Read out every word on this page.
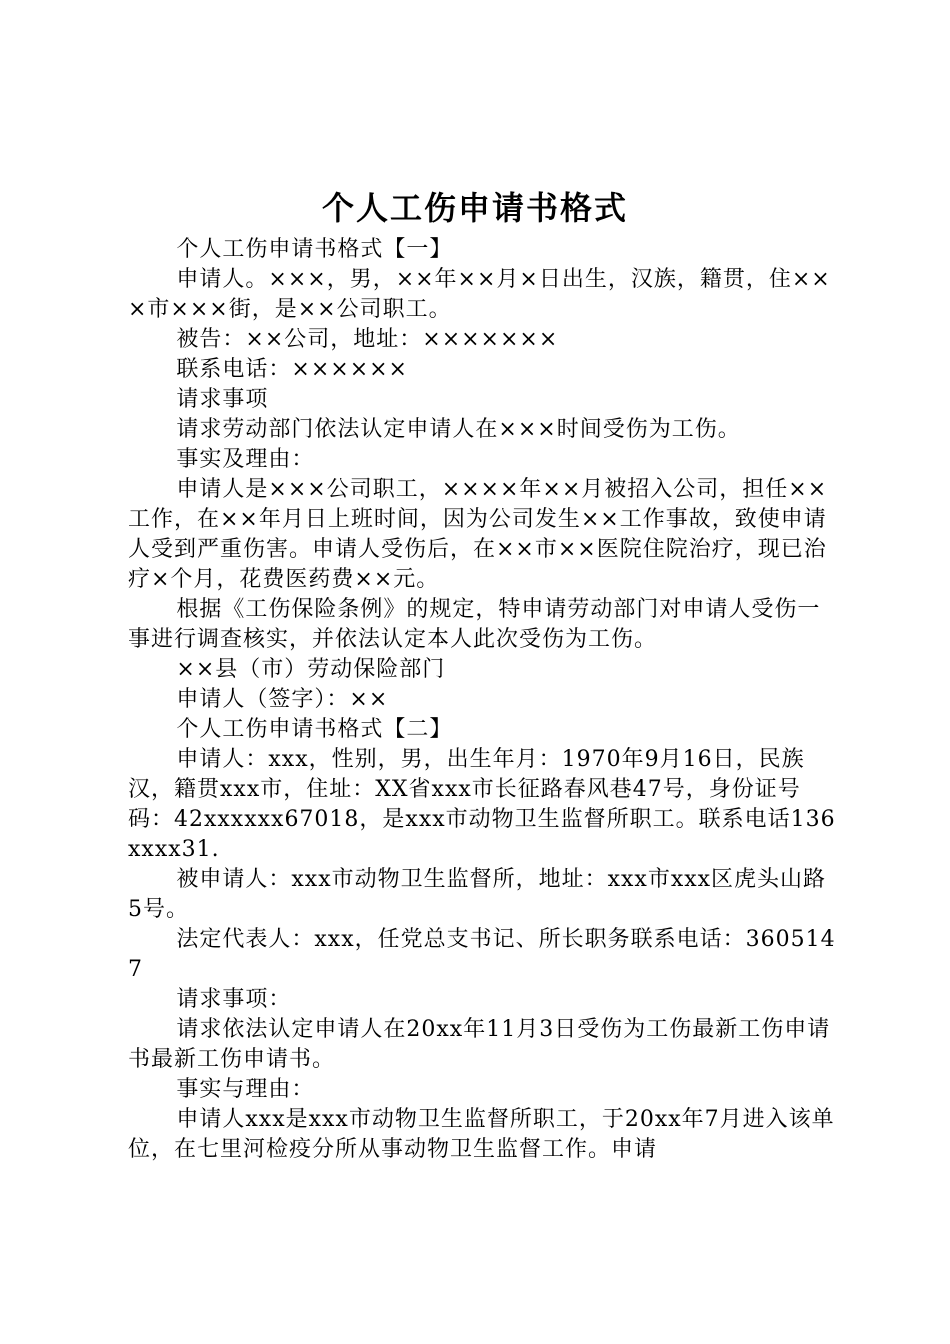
个人工伤申请书格式

个人工伤申请书格式【一】

申请人。×××，男，××年××月×日出生，汉族，籍贯，住×××市×××街，是××公司职工。

被告：××公司，地址：×××××××

联系电话：××××××

请求事项

请求劳动部门依法认定申请人在×××时间受伤为工伤。

事实及理由：

申请人是×××公司职工，××××年××月被招入公司，担任××工作，在××年月日上班时间，因为公司发生××工作事故，致使申请人受到严重伤害。申请人受伤后，在××市××医院住院治疗，现已治疗×个月，花费医药费××元。

根据《工伤保险条例》的规定，特申请劳动部门对申请人受伤一事进行调查核实，并依法认定本人此次受伤为工伤。

××县（市）劳动保险部门

申请人（签字）：××

个人工伤申请书格式【二】

申请人：xxx，性别，男，出生年月：1970年9月16日，民族汉，籍贯xxx市，住址：XX省xxx市长征路春风巷47号，身份证号码：42xxxxxx67018，是xxx市动物卫生监督所职工。联系电话136xxxx31.

被申请人：xxx市动物卫生监督所，地址：xxx市xxx区虎头山路5号。

法定代表人：xxx，任党总支书记、所长职务联系电话：3605147

请求事项：

请求依法认定申请人在20xx年11月3日受伤为工伤最新工伤申请书最新工伤申请书。

事实与理由：

申请人xxx是xxx市动物卫生监督所职工，于20xx年7月进入该单位，在七里河检疫分所从事动物卫生监督工作。申请
